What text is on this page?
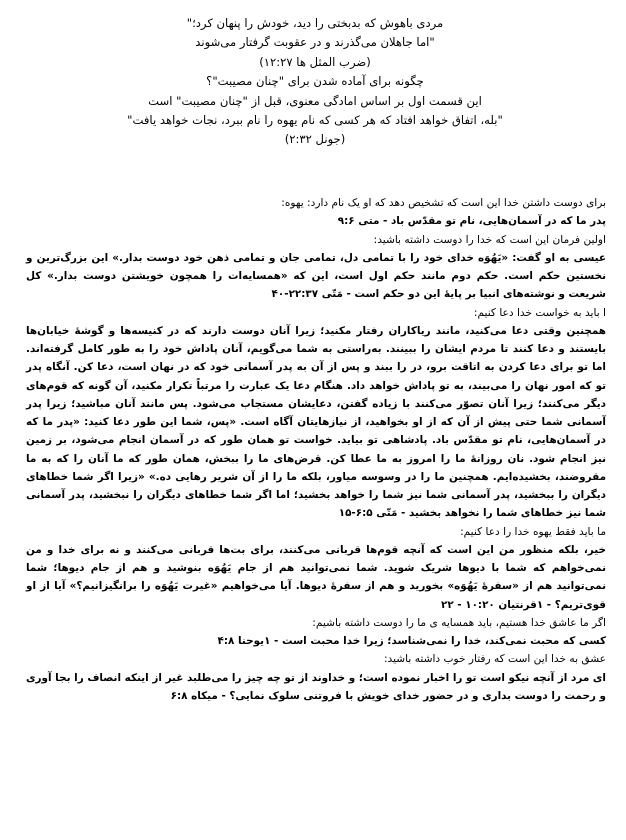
مردی باهوش که بدبختی را دید، خودش را پنهان کرد؛"
"اما جاهلان می‌گذرند و در عقوبت گرفتار می‌شوند
(ضرب المثل ها ۱۲:۲۷)
چگونه برای آماده شدن برای "چنان مصیبت"؟
این قسمت اول بر اساس امادگی معنوی، قبل از "چنان مصیبت" است
"بله، اتفاق خواهد افتاد که هر کسی که نام یهوه را نام ببرد، نجات خواهد یافت"
(جونل ۲:۳۲)
برای دوست داشتن خدا این است که تشخیص دهد که او یک نام دارد: یهوه:
پدر ما که در آسمان‌هایی، نام تو مقدّس باد - متی ۹:۶
اولین فرمان این است که خدا را دوست داشته باشید:
عیسی به او گفت: «یَهُوَه خدای خود را با تمامی دل، تمامی جان و تمامی ذهن خود دوست بدار.» این بزرگ‌ترین و نخستین حکم است. حکم دوم مانند حکم اول است، این که «همسایه‌ات را همچون خویشتن دوست بدار.» کل شریعت و نوشته‌های انبیا بر پایهٔ این دو حکم است - مَتّی ۲۲:۳۷-۴۰
ا باید به خواست خدا دعا کنیم:
همچنین وقتی دعا می‌کنید، مانند ریاکاران رفتار مکنید؛ زیرا آنان دوست دارند که در کنیسه‌ها و گوشهٔ خیابان‌ها بایستند و دعا کنند تا مردم ایشان را ببینند. به‌راستی به شما می‌گویم، آنان پاداش خود را به طور کامل گرفته‌اند. اما تو برای دعا کردن به اتاقت برو، در را ببند و پس از آن به پدر آسمانی خود که در نهان است، دعا کن. آنگاه پدر تو که امور نهان را می‌بیند، به تو پاداش خواهد داد. هنگام دعا یک عبارت را مرتباً تکرار مکنید، آن گونه که قوم‌های دیگر می‌کنند؛ زیرا آنان تصوّر می‌کنند با زیاده گفتن، دعایشان مستجاب می‌شود. پس مانند آنان مباشید؛ زیرا پدر آسمانی شما حتی پیش از آن که از او بخواهید، از نیازهایتان آگاه است. «پس، شما این طور دعا کنید: «پدر ما که در آسمان‌هایی، نام تو مقدّس باد. پادشاهی تو بیاید. خواست تو همان طور که در آسمان انجام می‌شود، بر زمین نیز انجام شود. نان روزانهٔ ما را امروز به ما عطا کن. قرض‌های ما را ببخش، همان طور که ما آنان را که به ما مقروضند، بخشیده‌ایم. همچنین ما را در وسوسه میاور، بلکه ما را از آن شریر رهایی ده.» «زیرا اگر شما خطاهای دیگران را ببخشید، پدر آسمانی شما نیز شما را خواهد بخشید؛ اما اگر شما خطاهای دیگران را نبخشید، پدر آسمانی شما نیز خطاهای شما را نخواهد بخشید - مَتّی ۶:۵-۱۵
ما باید فقط یهوه خدا را دعا کنیم:
خیر، بلکه منظور من این است که آنچه قوم‌ها قربانی می‌کنند، برای بت‌ها قربانی می‌کنند و نه برای خدا و من نمی‌خواهم که شما با دیوها شریک شوید. شما نمی‌توانید هم از جام یَهُوَه بنوشید و هم از جام دیوها؛ شما نمی‌توانید هم از «سفرهٔ یَهُوَه» بخورید و هم از سفرهٔ دیوها. آیا می‌خواهیم «غیرت یَهُوَه را برانگیزانیم؟» آیا از او قوی‌تریم؟ - ۱قرنتیان ۱۰:۲۰ - ۲۲
اگر ما عاشق خدا هستیم، باید همسایه ی ما را دوست داشته باشیم:
کسی که محبت نمی‌کند، خدا را نمی‌شناسد؛ زیرا خدا محبت است - ۱یوحنا ۴:۸
عشق به خدا این است که رفتار خوب داشته باشید:
ای مرد از آنچه نیکو است تو را اخبار نموده است؛ و خداوند از تو چه چیز را می‌طلبد غیر از اینکه انصاف را بجا آوری و رحمت را دوست بداری و در حضور خدای خویش با فروتنی سلوک نمایی؟ - میکاه ۶:۸
